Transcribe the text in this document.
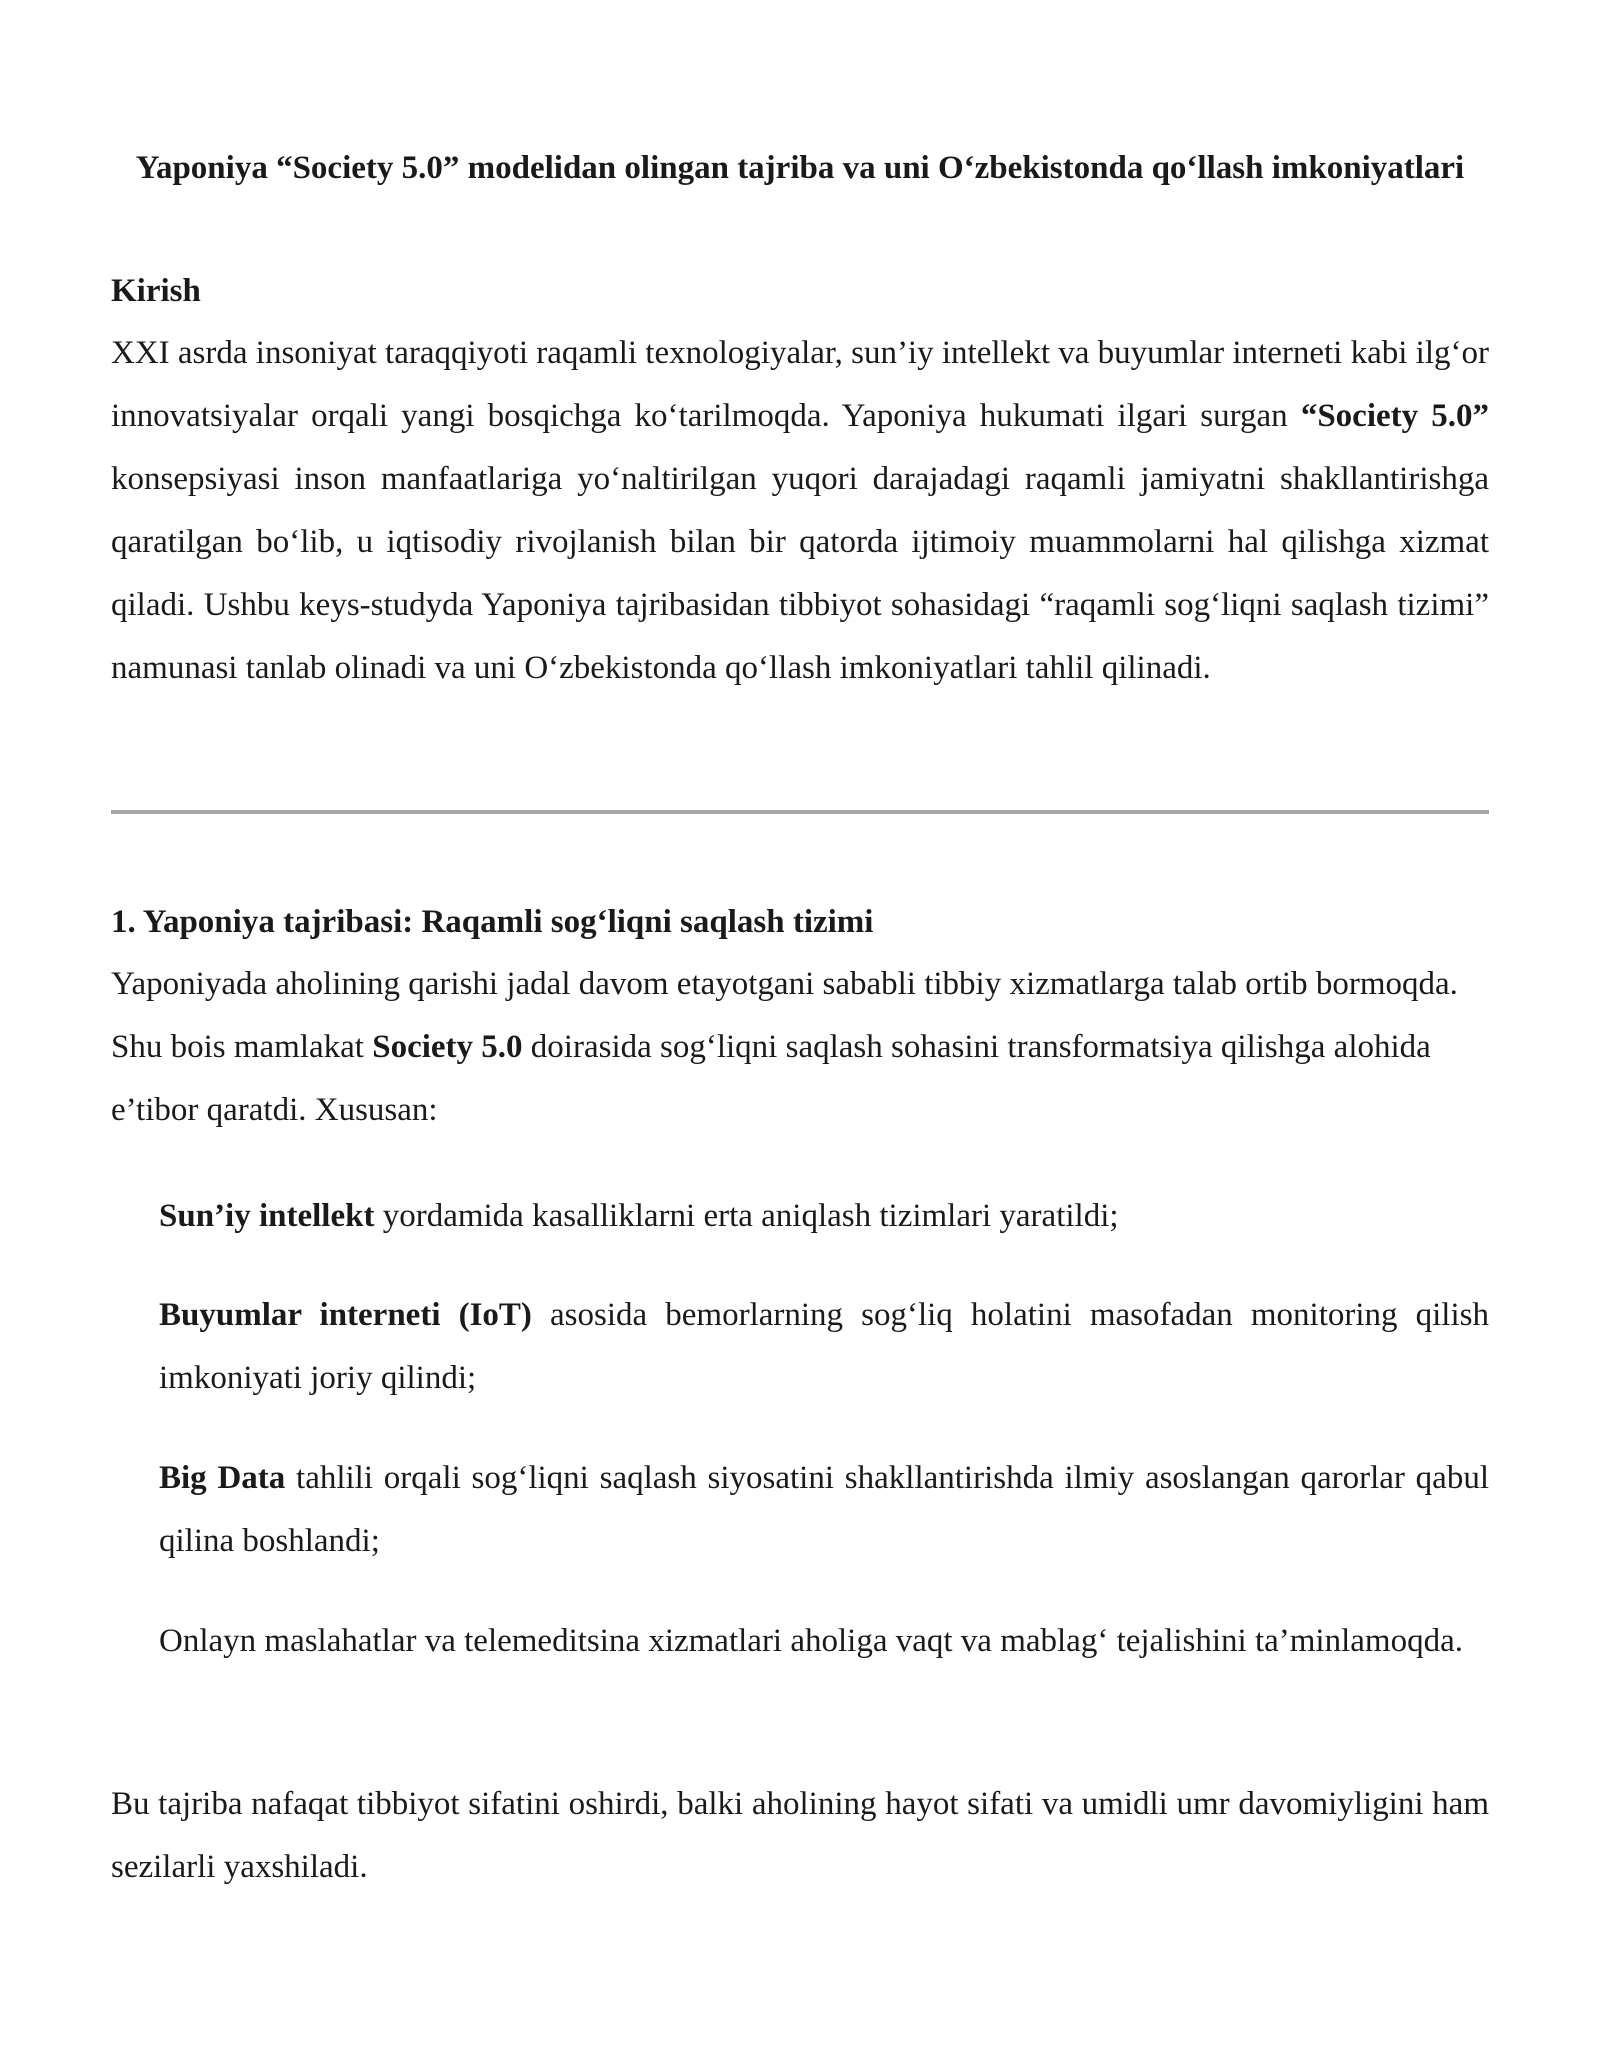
Yaponiya “Society 5.0” modelidan olingan tajriba va uni O‘zbekistonda qo‘llash imkoniyatlari
Kirish

XXI asrda insoniyat taraqqiyoti raqamli texnologiyalar, sun’iy intellekt va buyumlar interneti kabi ilg‘or innovatsiyalar orqali yangi bosqichga ko‘tarilmoqda. Yaponiya hukumati ilgari surgan “Society 5.0” konsepsiyasi inson manfaatlariga yo‘naltirilgan yuqori darajadagi raqamli jamiyatni shakllantirishga qaratilgan bo‘lib, u iqtisodiy rivojlanish bilan bir qatorda ijtimoiy muammolarni hal qilishga xizmat qiladi. Ushbu keys-studyda Yaponiya tajribasidan tibbiyot sohasidagi “raqamli sog‘liqni saqlash tizimi” namunasi tanlab olinadi va uni O‘zbekistonda qo‘llash imkoniyatlari tahlil qilinadi.

1. Yaponiya tajribasi: Raqamli sog‘liqni saqlash tizimi

Yaponiyada aholining qarishi jadal davom etayotgani sababli tibbiy xizmatlarga talab ortib bormoqda. Shu bois mamlakat Society 5.0 doirasida sog‘liqni saqlash sohasini transformatsiya qilishga alohida e’tibor qaratdi. Xususan:

Sun’iy intellekt yordamida kasalliklarni erta aniqlash tizimlari yaratildi;

Buyumlar interneti (IoT) asosida bemorlarning sog‘liq holatini masofadan monitoring qilish imkoniyati joriy qilindi;

Big Data tahlili orqali sog‘liqni saqlash siyosatini shakllantirishda ilmiy asoslangan qarorlar qabul qilina boshlandi;

Onlayn maslahatlar va telemeditsina xizmatlari aholiga vaqt va mablag‘ tejalishini ta’minlamoqda.

Bu tajriba nafaqat tibbiyot sifatini oshirdi, balki aholining hayot sifati va umidli umr davomiyligini ham sezilarli yaxshiladi.
